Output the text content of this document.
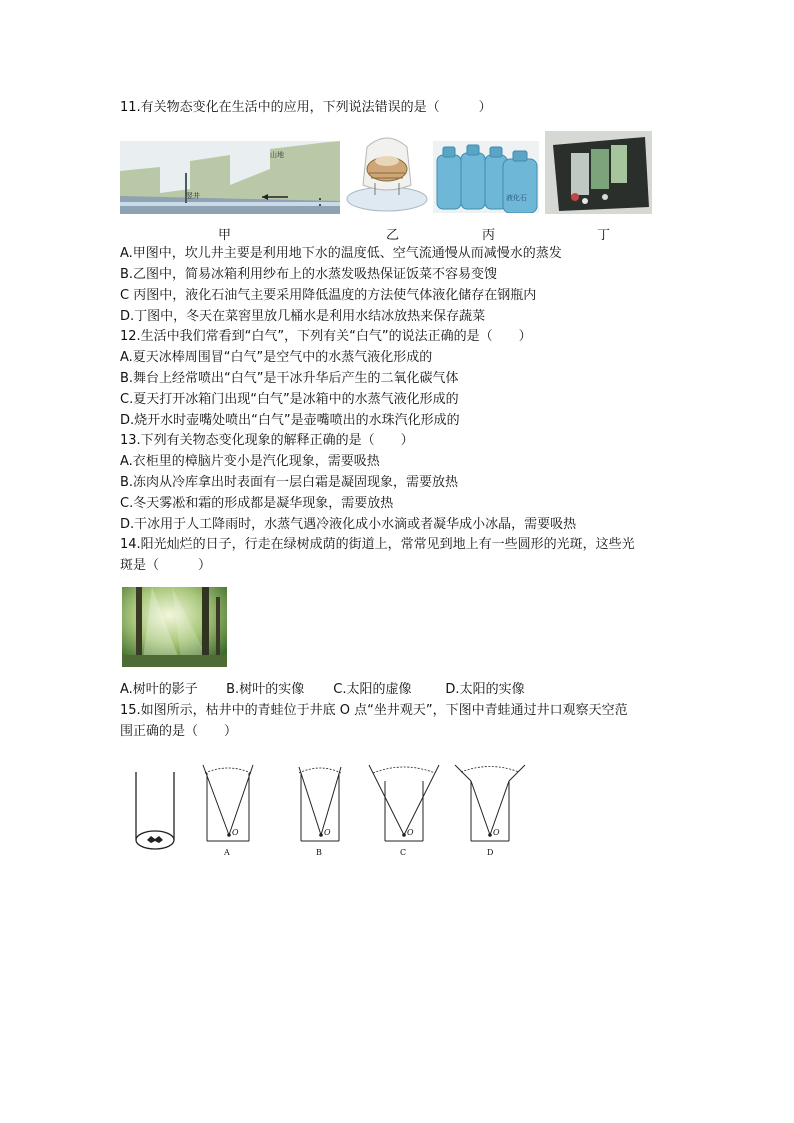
11.有关物态变化在生活中的应用，下列说法错误的是（　　　）
山地
竖井	液化石
甲	乙	丙	丁
A.甲图中，坎儿井主要是利用地下水的温度低、空气流通慢从而减慢水的蒸发
B.乙图中，简易冰箱利用纱布上的水蒸发吸热保证饭菜不容易变馊
C 丙图中，液化石油气主要采用降低温度的方法使气体液化储存在钢瓶内
D.丁图中，冬天在菜窖里放几桶水是利用水结冰放热来保存蔬菜
12.生活中我们常看到“白气”，下列有关“白气”的说法正确的是（　　）
A.夏天冰棒周围冒“白气”是空气中的水蒸气液化形成的
B.舞台上经常喷出“白气”是干冰升华后产生的二氧化碳气体
C.夏天打开冰箱门出现“白气”是冰箱中的水蒸气液化形成的
D.烧开水时壶嘴处喷出“白气”是壶嘴喷出的水珠汽化形成的
13.下列有关物态变化现象的解释正确的是（　　）
A.衣柜里的樟脑片变小是汽化现象，需要吸热
B.冻肉从冷库拿出时表面有一层白霜是凝固现象，需要放热
C.冬天雾凇和霜的形成都是凝华现象，需要放热
D.干冰用于人工降雨时，水蒸气遇冷液化成小水滴或者凝华成小冰晶，需要吸热
14.阳光灿烂的日子，行走在绿树成荫的街道上，常常见到地上有一些圆形的光斑，这些光
斑是（　　　）
A.树叶的影子 B.树叶的实像 C.太阳的虚像	D.太阳的实像
15.如图所示，枯井中的青蛙位于井底 O 点“坐井观天”，下图中青蛙通过井口观察天空范
围正确的是（　　）
O
A
O
B
O
C
O
D
